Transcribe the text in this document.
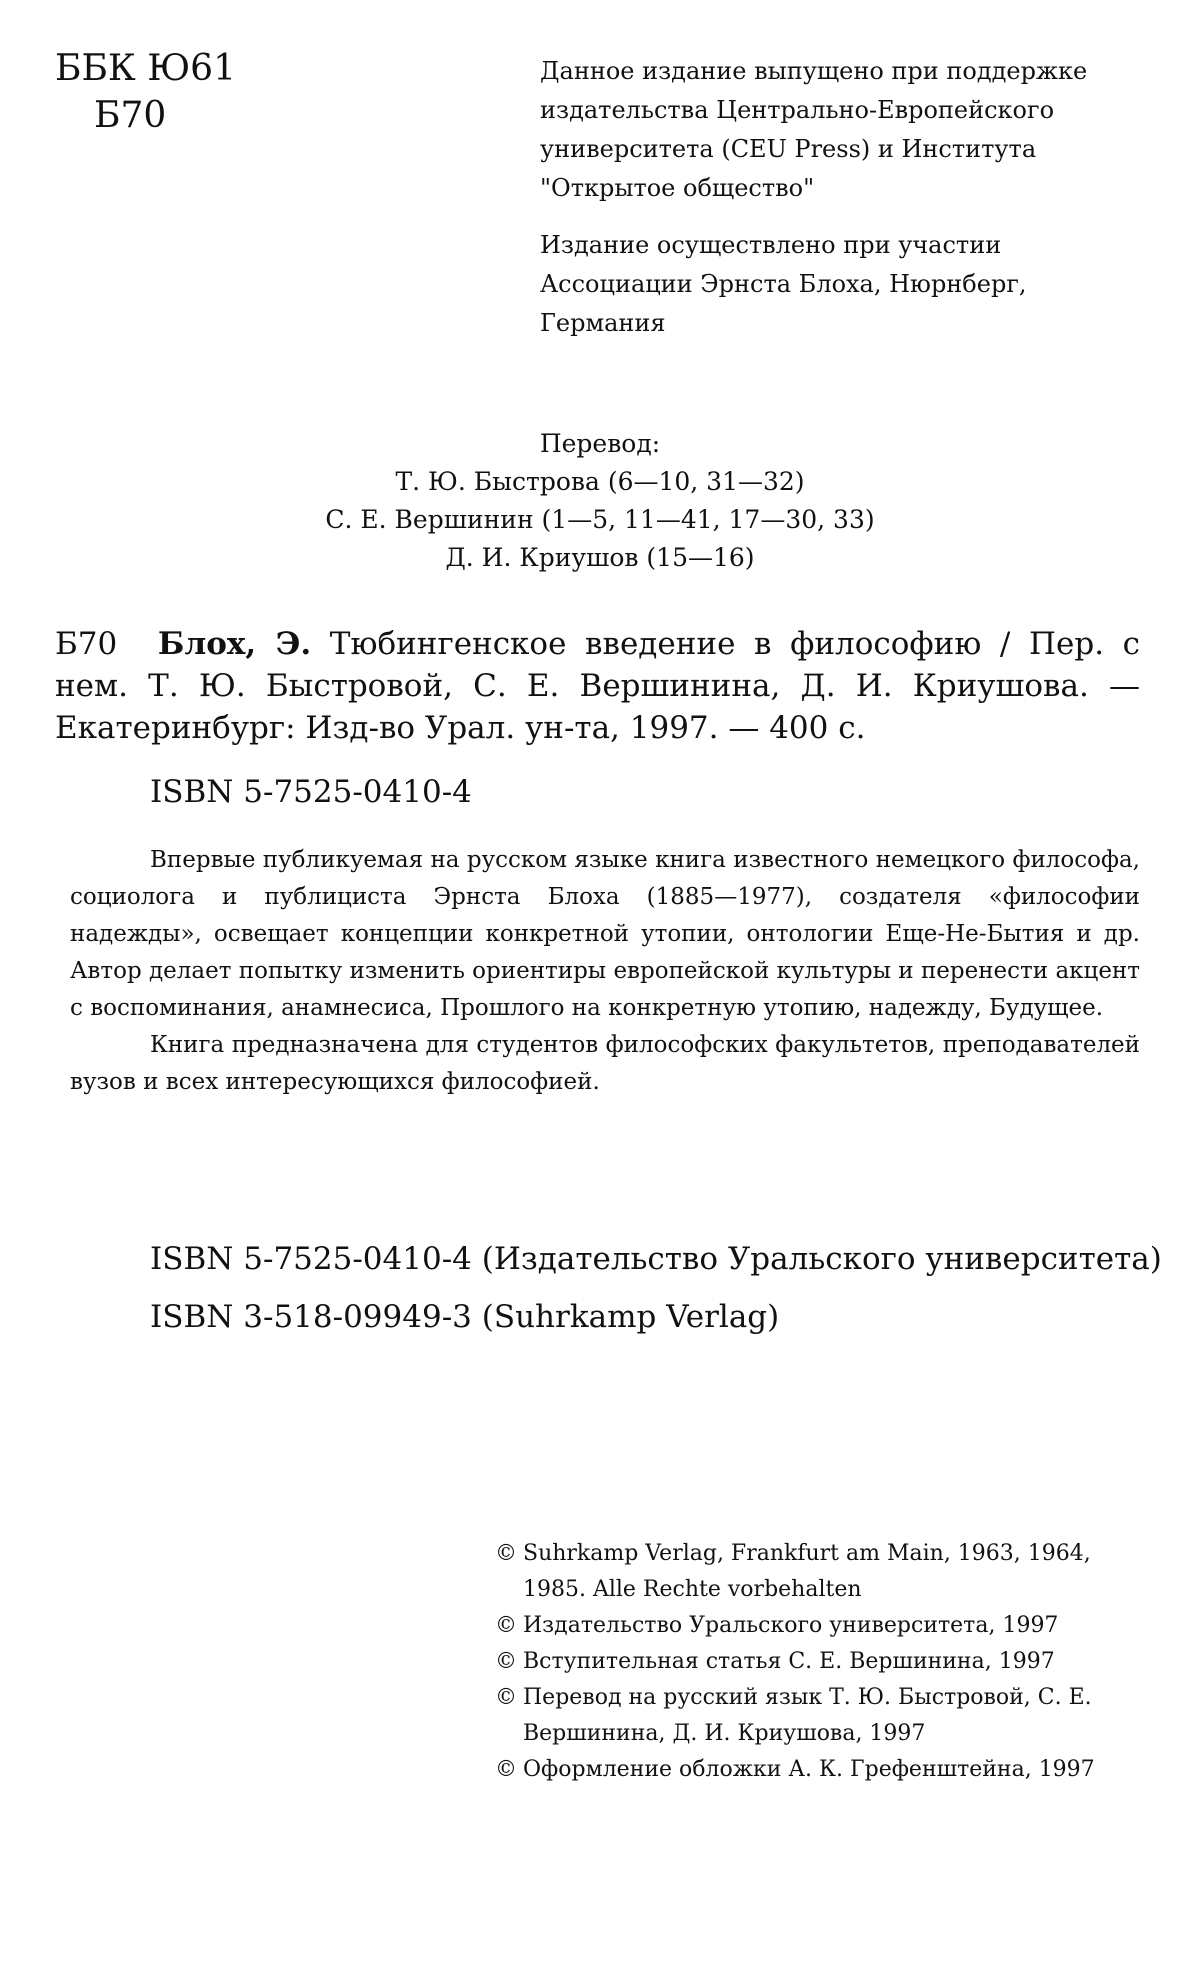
ББК Ю61
Б70

Данное издание выпущено при поддержке издательства Центрально-Европейского университета (CEU Press) и Института "Открытое общество"

Издание осуществлено при участии Ассоциации Эрнста Блоха, Нюрнберг, Германия

Перевод:
Т. Ю. Быстрова (6—10, 31—32)
С. Е. Вершинин (1—5, 11—41, 17—30, 33)
Д. И. Криушов (15—16)
Б70 Блох, Э. Тюбингенское введение в философию / Пер. с нем. Т. Ю. Быстровой, С. Е. Вершинина, Д. И. Криушова. — Екатеринбург: Изд-во Урал. ун-та, 1997. — 400 с.
ISBN 5-7525-0410-4

Впервые публикуемая на русском языке книга известного немецкого философа, социолога и публициста Эрнста Блоха (1885—1977), создателя «философии надежды», освещает концепции конкретной утопии, онтологии Еще-Не-Бытия и др. Автор делает попытку изменить ориентиры европейской культуры и перенести акцент с воспоминания, анамнесиса, Прошлого на конкретную утопию, надежду, Будущее.

Книга предназначена для студентов философских факультетов, преподавателей вузов и всех интересующихся философией.

ISBN 5-7525-0410-4 (Издательство Уральского университета)
ISBN 3-518-09949-3 (Suhrkamp Verlag)
© Suhrkamp Verlag, Frankfurt am Main, 1963, 1964, 1985. Alle Rechte vorbehalten
© Издательство Уральского университета, 1997
© Вступительная статья С. Е. Вершинина, 1997
© Перевод на русский язык Т. Ю. Быстровой, С. Е. Вершинина, Д. И. Криушова, 1997
© Оформление обложки А. К. Грефенштейна, 1997
